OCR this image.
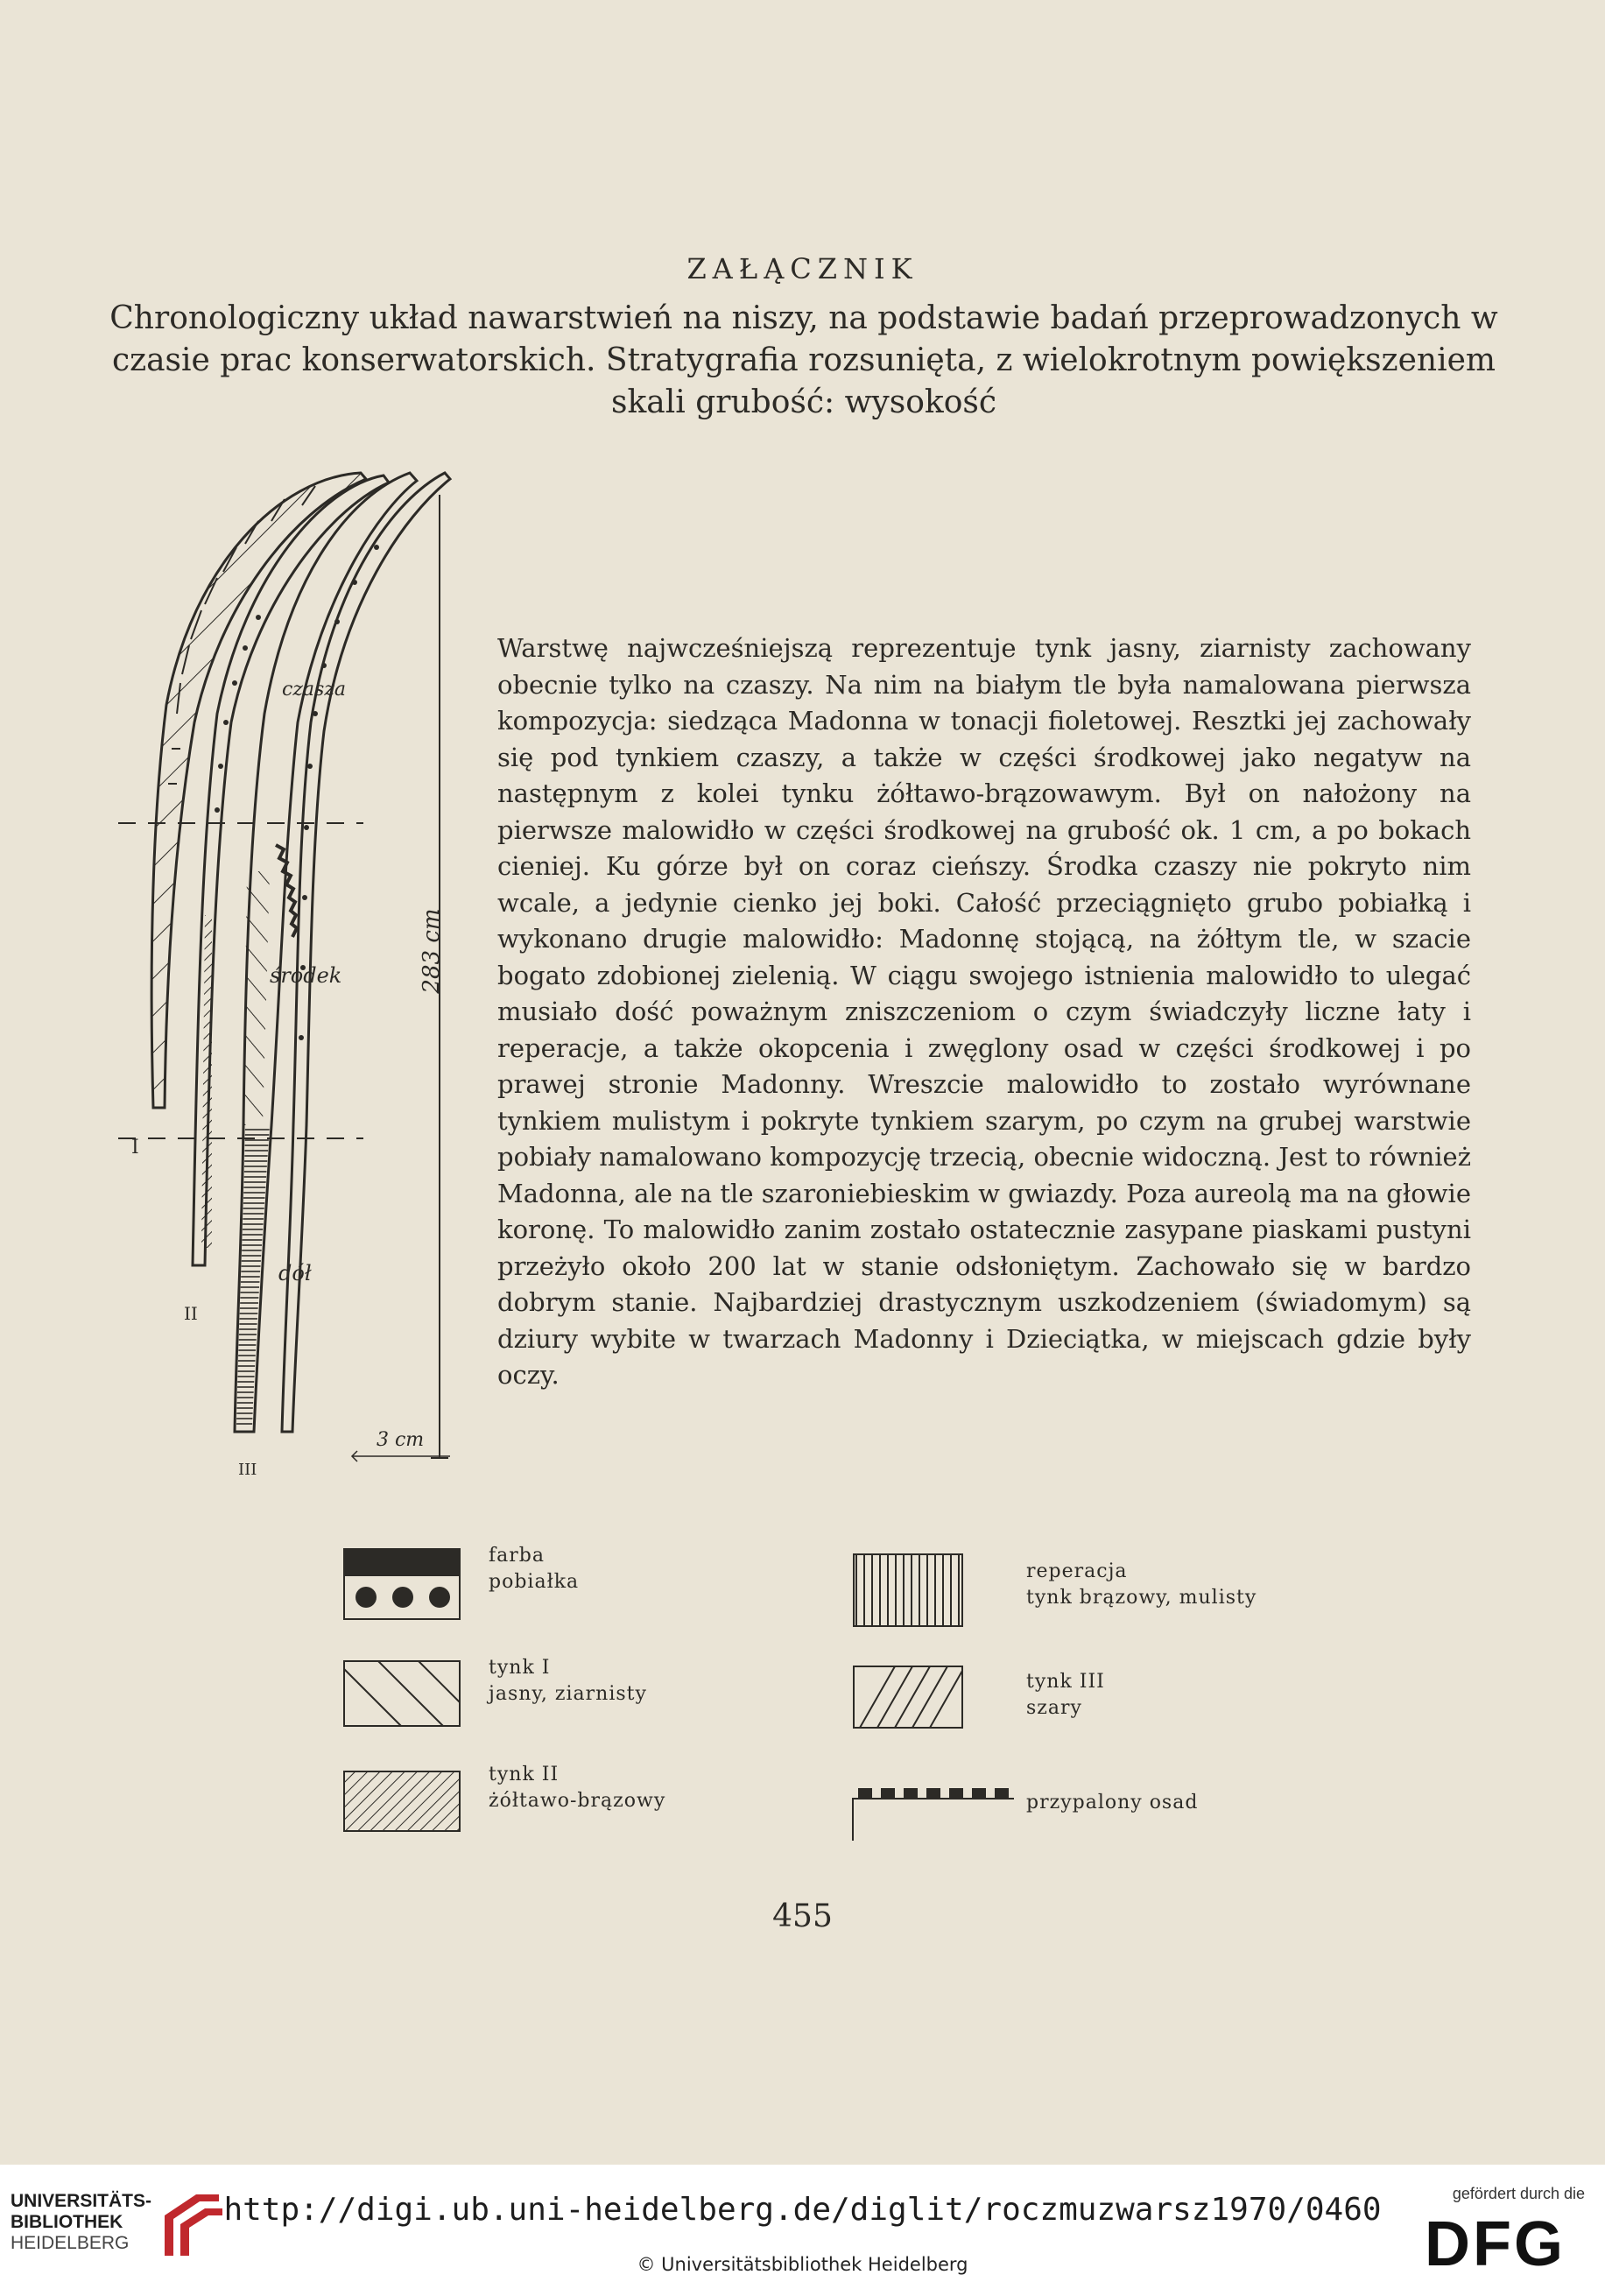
ZAŁĄCZNIK
Chronologiczny układ nawarstwień na niszy, na podstawie badań przeprowadzonych w czasie prac konserwatorskich. Stratygrafia rozsunięta, z wielokrotnym powiększeniem skali grubość: wysokość
czasza
środek
dół
I
II
III
283 cm
3 cm

Warstwę najwcześniejszą reprezentuje tynk jasny, ziarnisty zachowany obecnie tylko na czaszy. Na nim na białym tle była namalowana pierwsza kompozycja: siedząca Madonna w tonacji fioletowej. Resztki jej zachowały się pod tynkiem czaszy, a także w części środkowej jako negatyw na następnym z kolei tynku żółtawo-brązowawym. Był on nałożony na pierwsze malowidło w części środkowej na grubość ok. 1 cm, a po bokach cieniej. Ku górze był on coraz cieńszy. Środka czaszy nie pokryto nim wcale, a jedynie cienko jej boki. Całość przeciągnięto grubo pobiałką i wykonano drugie malowidło: Madonnę stojącą, na żółtym tle, w szacie bogato zdobionej zielenią. W ciągu swojego istnienia malowidło to ulegać musiało dość poważnym zniszczeniom o czym świadczyły liczne łaty i reperacje, a także okopcenia i zwęglony osad w części środkowej i po prawej stronie Madonny. Wreszcie malowidło to zostało wyrównane tynkiem mulistym i pokryte tynkiem szarym, po czym na grubej warstwie pobiały namalowano kompozycję trzecią, obecnie widoczną. Jest to również Madonna, ale na tle szaroniebieskim w gwiazdy. Poza aureolą ma na głowie koronę. To malowidło zanim zostało ostatecznie zasypane piaskami pustyni przeżyło około 200 lat w stanie odsłoniętym. Zachowało się w bardzo dobrym stanie. Najbardziej drastycznym uszkodzeniem (świadomym) są dziury wybite w twarzach Madonny i Dzieciątka, w miejscach gdzie były oczy.

farba
pobiałka
tynk I
jasny, ziarnisty
tynk II
żółtawo-brązowy
reperacja
tynk brązowy, mulisty
tynk III
szary
przypalony osad
455
UNIVERSITÄTS-
BIBLIOTHEK
HEIDELBERG
http://digi.ub.uni-heidelberg.de/diglit/roczmuzwarsz1970/0460
© Universitätsbibliothek Heidelberg
gefördert durch die
DFG
